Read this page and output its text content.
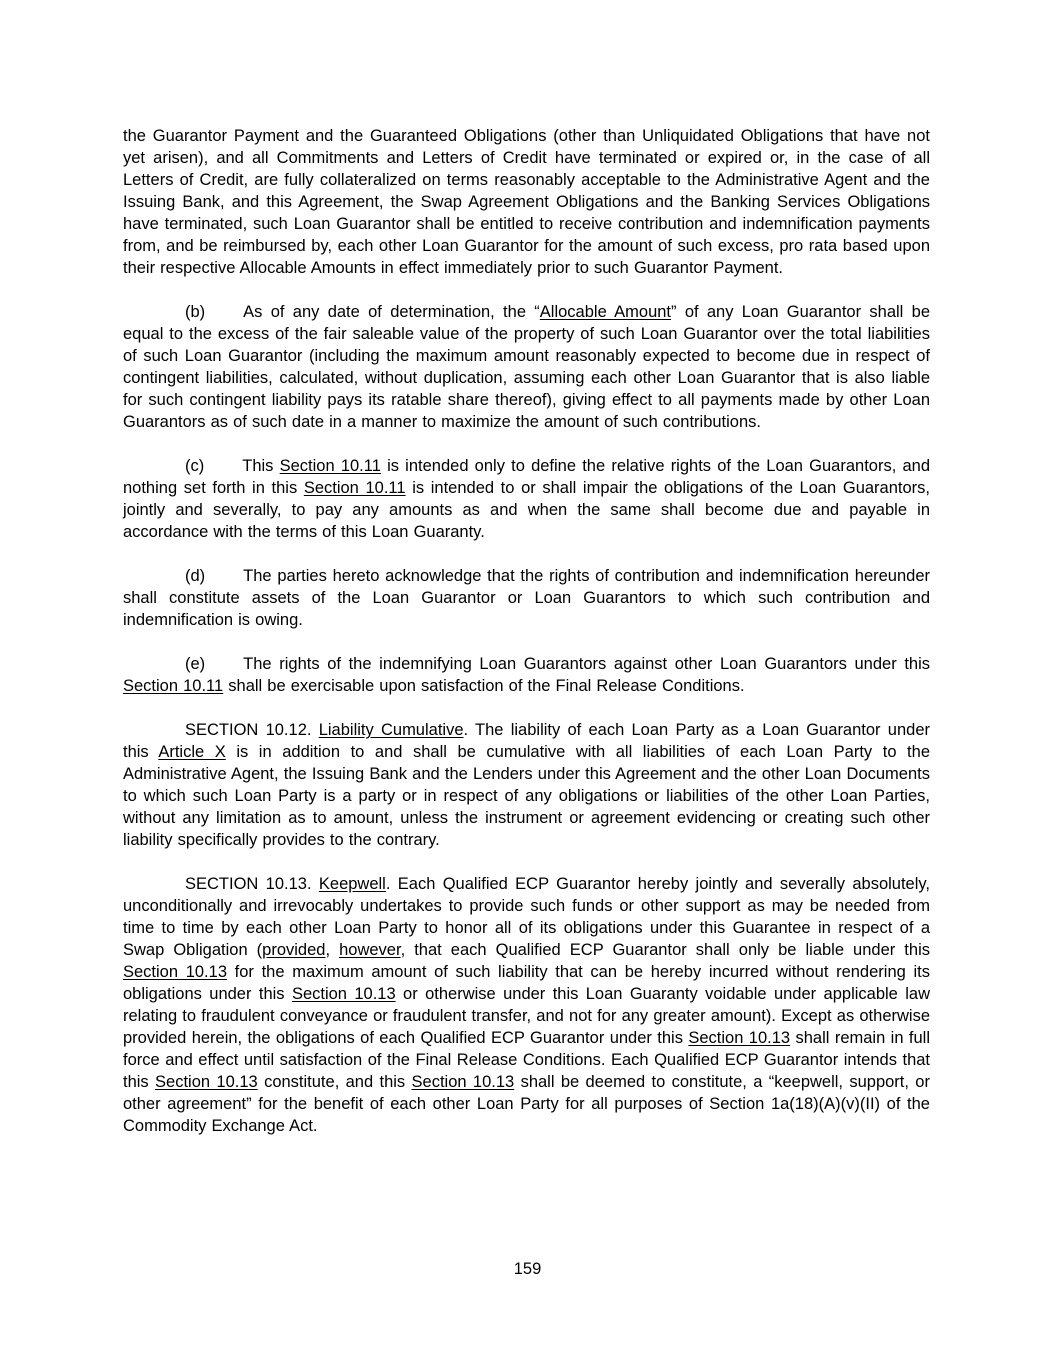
the Guarantor Payment and the Guaranteed Obligations (other than Unliquidated Obligations that have not yet arisen), and all Commitments and Letters of Credit have terminated or expired or, in the case of all Letters of Credit, are fully collateralized on terms reasonably acceptable to the Administrative Agent and the Issuing Bank, and this Agreement, the Swap Agreement Obligations and the Banking Services Obligations have terminated, such Loan Guarantor shall be entitled to receive contribution and indemnification payments from, and be reimbursed by, each other Loan Guarantor for the amount of such excess, pro rata based upon their respective Allocable Amounts in effect immediately prior to such Guarantor Payment.

(b) As of any date of determination, the “Allocable Amount” of any Loan Guarantor shall be equal to the excess of the fair saleable value of the property of such Loan Guarantor over the total liabilities of such Loan Guarantor (including the maximum amount reasonably expected to become due in respect of contingent liabilities, calculated, without duplication, assuming each other Loan Guarantor that is also liable for such contingent liability pays its ratable share thereof), giving effect to all payments made by other Loan Guarantors as of such date in a manner to maximize the amount of such contributions.

(c) This Section 10.11 is intended only to define the relative rights of the Loan Guarantors, and nothing set forth in this Section 10.11 is intended to or shall impair the obligations of the Loan Guarantors, jointly and severally, to pay any amounts as and when the same shall become due and payable in accordance with the terms of this Loan Guaranty.

(d) The parties hereto acknowledge that the rights of contribution and indemnification hereunder shall constitute assets of the Loan Guarantor or Loan Guarantors to which such contribution and indemnification is owing.

(e) The rights of the indemnifying Loan Guarantors against other Loan Guarantors under this Section 10.11 shall be exercisable upon satisfaction of the Final Release Conditions.

SECTION 10.12. Liability Cumulative. The liability of each Loan Party as a Loan Guarantor under this Article X is in addition to and shall be cumulative with all liabilities of each Loan Party to the Administrative Agent, the Issuing Bank and the Lenders under this Agreement and the other Loan Documents to which such Loan Party is a party or in respect of any obligations or liabilities of the other Loan Parties, without any limitation as to amount, unless the instrument or agreement evidencing or creating such other liability specifically provides to the contrary.

SECTION 10.13. Keepwell. Each Qualified ECP Guarantor hereby jointly and severally absolutely, unconditionally and irrevocably undertakes to provide such funds or other support as may be needed from time to time by each other Loan Party to honor all of its obligations under this Guarantee in respect of a Swap Obligation (provided, however, that each Qualified ECP Guarantor shall only be liable under this Section 10.13 for the maximum amount of such liability that can be hereby incurred without rendering its obligations under this Section 10.13 or otherwise under this Loan Guaranty voidable under applicable law relating to fraudulent conveyance or fraudulent transfer, and not for any greater amount). Except as otherwise provided herein, the obligations of each Qualified ECP Guarantor under this Section 10.13 shall remain in full force and effect until satisfaction of the Final Release Conditions. Each Qualified ECP Guarantor intends that this Section 10.13 constitute, and this Section 10.13 shall be deemed to constitute, a “keepwell, support, or other agreement” for the benefit of each other Loan Party for all purposes of Section 1a(18)(A)(v)(II) of the Commodity Exchange Act.

159
